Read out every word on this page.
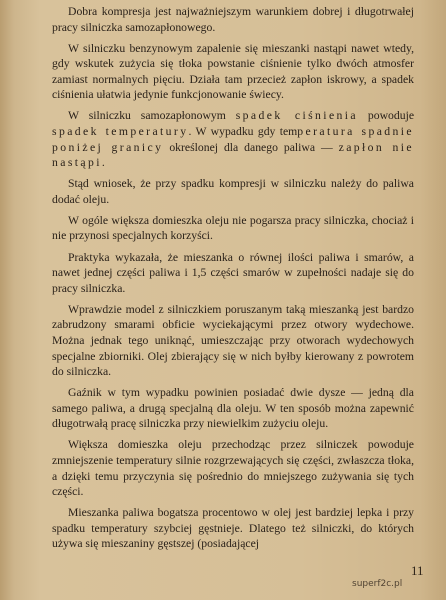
Dobra kompresja jest najważniejszym warunkiem dobrej i długotrwałej pracy silniczka samozapłonowego.

W silniczku benzynowym zapalenie się mieszanki nastąpi nawet wtedy, gdy wskutek zużycia się tłoka powstanie ciśnienie tylko dwóch atmosfer zamiast normalnych pięciu. Działa tam przecież zapłon iskrowy, a spadek ciśnienia ułatwia jedynie funkcjonowanie świecy.

W silniczku samozapłonowym spadek ciśnienia powoduje spadek temperatury. W wypadku gdy temperatura spadnie poniżej granicy określonej dla danego paliwa — zapłon nie nastąpi.

Stąd wniosek, że przy spadku kompresji w silniczku należy do paliwa dodać oleju.

W ogóle większa domieszka oleju nie pogarsza pracy silniczka, chociaż i nie przynosi specjalnych korzyści.

Praktyka wykazała, że mieszanka o równej ilości paliwa i smarów, a nawet jednej części paliwa i 1,5 części smarów w zupełności nadaje się do pracy silniczka.

Wprawdzie model z silniczkiem poruszanym taką mieszanką jest bardzo zabrudzony smarami obficie wyciekającymi przez otwory wydechowe. Można jednak tego uniknąć, umieszczając przy otworach wydechowych specjalne zbiorniki. Olej zbierający się w nich byłby kierowany z powrotem do silniczka.

Gaźnik w tym wypadku powinien posiadać dwie dysze — jedną dla samego paliwa, a drugą specjalną dla oleju. W ten sposób można zapewnić długotrwałą pracę silniczka przy niewielkim zużyciu oleju.

Większa domieszka oleju przechodząc przez silniczek powoduje zmniejszenie temperatury silnie rozgrzewających się części, zwłaszcza tłoka, a dzięki temu przyczynia się pośrednio do mniejszego zużywania się tych części.

Mieszanka paliwa bogatsza procentowo w olej jest bardziej lepka i przy spadku temperatury szybciej gęstnieje. Dlatego też silniczki, do których używa się mieszaniny gęstszej (posiadającej

11
superf2c.pl
